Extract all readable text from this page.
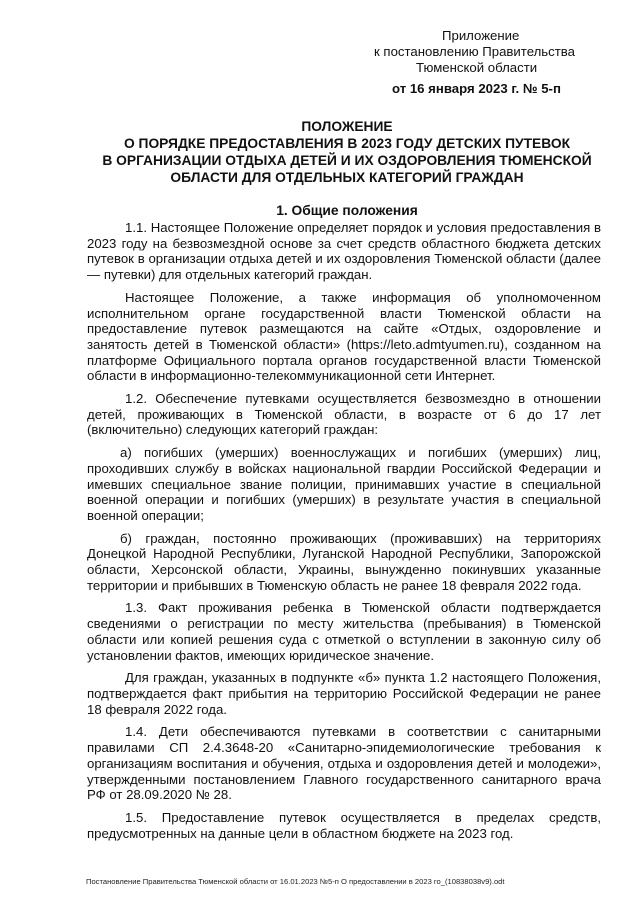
Приложение
к постановлению Правительства
Тюменской области
от 16 января 2023 г. № 5-п
ПОЛОЖЕНИЕ
О ПОРЯДКЕ ПРЕДОСТАВЛЕНИЯ В 2023 ГОДУ ДЕТСКИХ ПУТЕВОК
В ОРГАНИЗАЦИИ ОТДЫХА ДЕТЕЙ И ИХ ОЗДОРОВЛЕНИЯ ТЮМЕНСКОЙ
ОБЛАСТИ ДЛЯ ОТДЕЛЬНЫХ КАТЕГОРИЙ ГРАЖДАН
1. Общие положения

1.1. Настоящее Положение определяет порядок и условия предоставления в 2023 году на безвозмездной основе за счет средств областного бюджета детских путевок в организации отдыха детей и их оздоровления Тюменской области (далее — путевки) для отдельных категорий граждан.

Настоящее Положение, а также информация об уполномоченном исполнительном органе государственной власти Тюменской области на предоставление путевок размещаются на сайте «Отдых, оздоровление и занятость детей в Тюменской области» (https://leto.admtyumen.ru), созданном на платформе Официального портала органов государственной власти Тюменской области в информационно-телекоммуникационной сети Интернет.

1.2. Обеспечение путевками осуществляется безвозмездно в отношении детей, проживающих в Тюменской области, в возрасте от 6 до 17 лет (включительно) следующих категорий граждан:

а) погибших (умерших) военнослужащих и погибших (умерших) лиц, проходивших службу в войсках национальной гвардии Российской Федерации и имевших специальное звание полиции, принимавших участие в специальной военной операции и погибших (умерших) в результате участия в специальной военной операции;

б) граждан, постоянно проживающих (проживавших) на территориях Донецкой Народной Республики, Луганской Народной Республики, Запорожской области, Херсонской области, Украины, вынужденно покинувших указанные территории и прибывших в Тюменскую область не ранее 18 февраля 2022 года.

1.3. Факт проживания ребенка в Тюменской области подтверждается сведениями о регистрации по месту жительства (пребывания) в Тюменской области или копией решения суда с отметкой о вступлении в законную силу об установлении фактов, имеющих юридическое значение.

Для граждан, указанных в подпункте «б» пункта 1.2 настоящего Положения, подтверждается факт прибытия на территорию Российской Федерации не ранее 18 февраля 2022 года.

1.4. Дети обеспечиваются путевками в соответствии с санитарными правилами СП 2.4.3648-20 «Санитарно-эпидемиологические требования к организациям воспитания и обучения, отдыха и оздоровления детей и молодежи», утвержденными постановлением Главного государственного санитарного врача РФ от 28.09.2020 № 28.

1.5. Предоставление путевок осуществляется в пределах средств, предусмотренных на данные цели в областном бюджете на 2023 год.

Постановление Правительства Тюменской области от 16.01.2023 №5-п О предоставлении в 2023 го_(10838038v9).odt
